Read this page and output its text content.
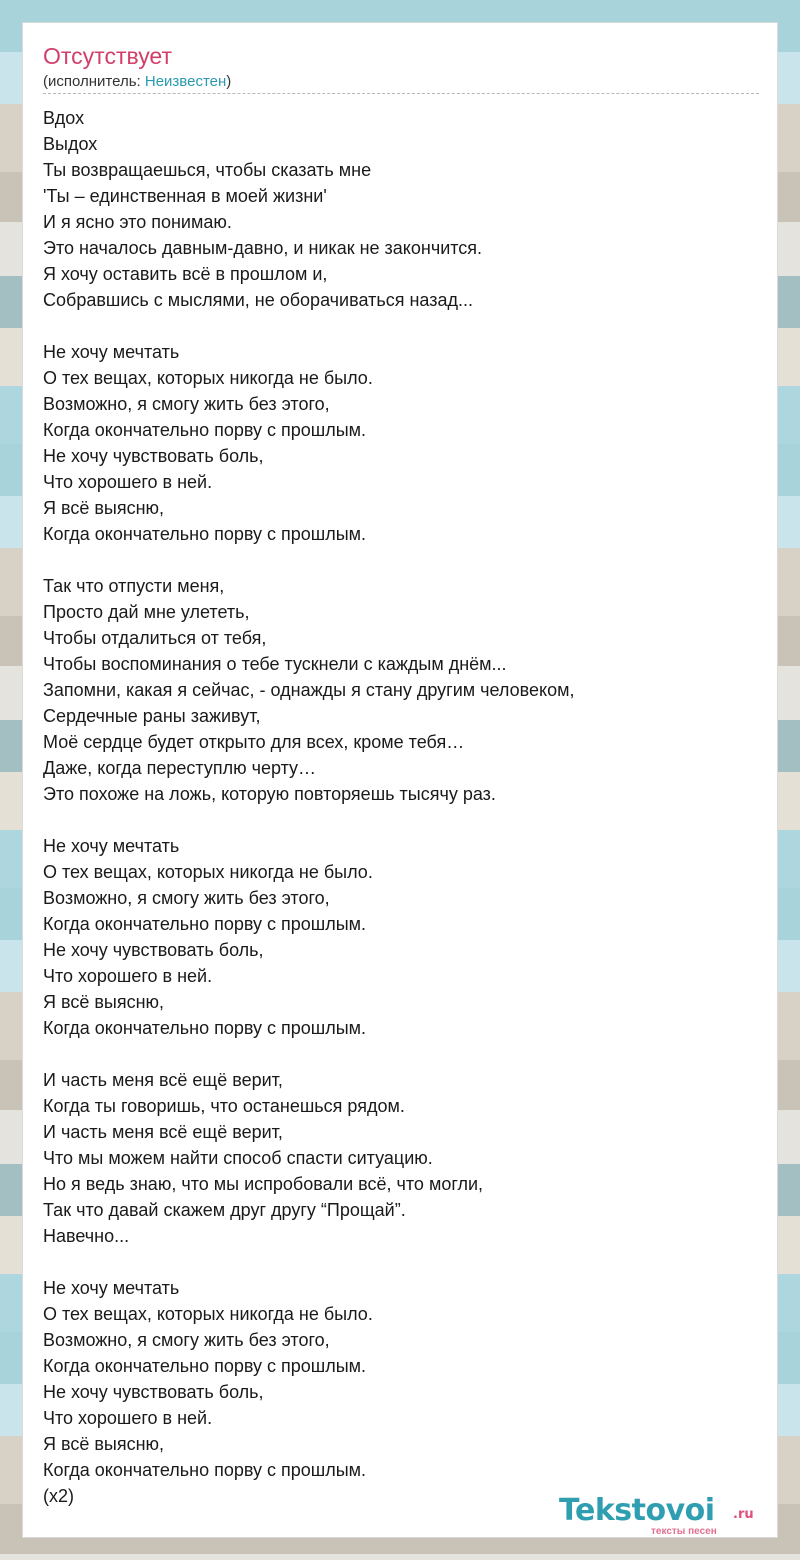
Отсутствует
(исполнитель: Неизвестен)
Вдох
Выдох
Ты возвращаешься, чтобы сказать мне
'Ты – единственная в моей жизни'
И я ясно это понимаю.
Это началось давным-давно, и никак не закончится.
Я хочу оставить всё в прошлом и,
Собравшись с мыслями, не оборачиваться назад...
Не хочу мечтать
О тех вещах, которых никогда не было.
Возможно, я смогу жить без этого,
Когда окончательно порву с прошлым.
Не хочу чувствовать боль,
Что хорошего в ней.
Я всё выясню,
Когда окончательно порву с прошлым.
Так что отпусти меня,
Просто дай мне улететь,
Чтобы отдалиться от тебя,
Чтобы воспоминания о тебе тускнели с каждым днём...
Запомни, какая я сейчас, - однажды я стану другим человеком,
Сердечные раны заживут,
Моё сердце будет открыто для всех, кроме тебя…
Даже, когда переступлю черту…
Это похоже на ложь, которую повторяешь тысячу раз.
Не хочу мечтать
О тех вещах, которых никогда не было.
Возможно, я смогу жить без этого,
Когда окончательно порву с прошлым.
Не хочу чувствовать боль,
Что хорошего в ней.
Я всё выясню,
Когда окончательно порву с прошлым.
И часть меня всё ещё верит,
Когда ты говоришь, что останешься рядом.
И часть меня всё ещё верит,
Что мы можем найти способ спасти ситуацию.
Но я ведь знаю, что мы испробовали всё, что могли,
Так что давай скажем друг другу “Прощай”.
Навечно...
Не хочу мечтать
О тех вещах, которых никогда не было.
Возможно, я смогу жить без этого,
Когда окончательно порву с прошлым.
Не хочу чувствовать боль,
Что хорошего в ней.
Я всё выясню,
Когда окончательно порву с прошлым.
(x2)	Tekstovoi .ru
тексты песен
